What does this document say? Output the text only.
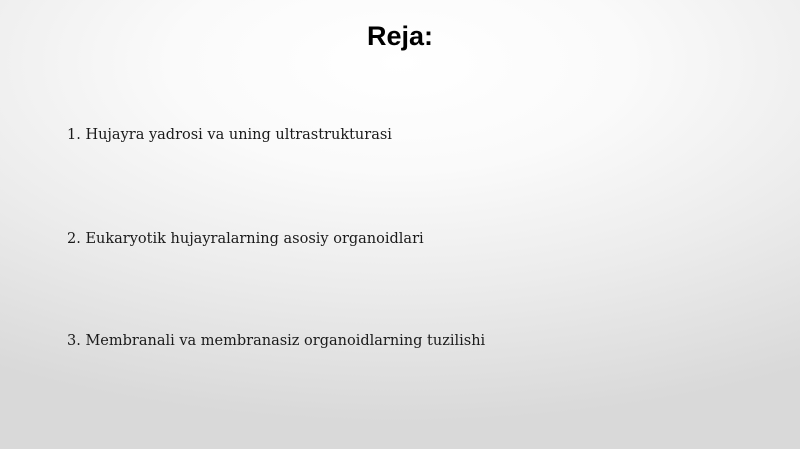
Reja:
1. Hujayra yadrosi va uning ultrastrukturasi
2. Eukaryotik hujayralarning asosiy organoidlari
3. Membranali va membranasiz organoidlarning tuzilishi
